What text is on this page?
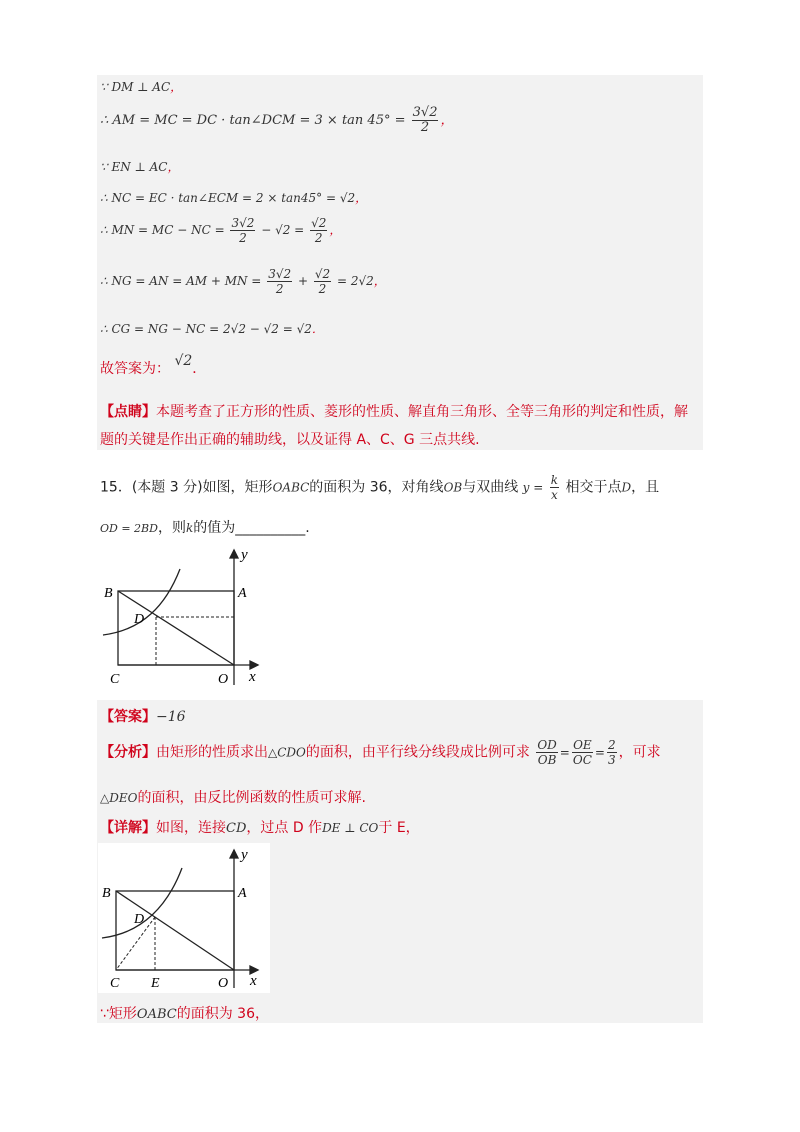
∵ DM ⊥ AC，
∴ AM = MC = DC · tan∠DCM = $3 \times \tan 45^\circ = \frac{3√2}{2}$ ，
∵ EN ⊥ AC，
∴ NC = EC · tan∠ECM = 2 × tan45° = √2，
∴ MN = MC − NC = $\frac{3√2}{2} - √2 = \frac{√2}{2}$ ，
∴ NG = AN = AM + MN = $\frac{3√2}{2} + \frac{√2}{2} = 2√2$，
∴ CG = NG − NC = 2√2 − √2 = √2．
故答案为： √2．
【点睛】本题考查了正方形的性质、菱形的性质、解直角三角形、全等三角形的判定和性质，解
题的关键是作出正确的辅助线，以及证得 A、C、G 三点共线.
15．(本题 3 分)如图，矩形OABC的面积为 36，对角线OB与双曲线 $y = \frac{k}{x}$ 相交于点D，且
OD = 2BD，则k的值为__________.
y
B	A
D
C	O x
【答案】−16
【分析】由矩形的性质求出△CDO的面积，由平行线分线段成比例可求 $\frac{OD}{OB} = \frac{OE}{OC} = \frac{2}{3}$ ，可求
△DEO的面积，由反比例函数的性质可求解.
【详解】如图，连接CD，过点 D 作DE ⊥ CO于 E，
y
B	A
D
C E	O x
∵矩形OABC的面积为 36，
